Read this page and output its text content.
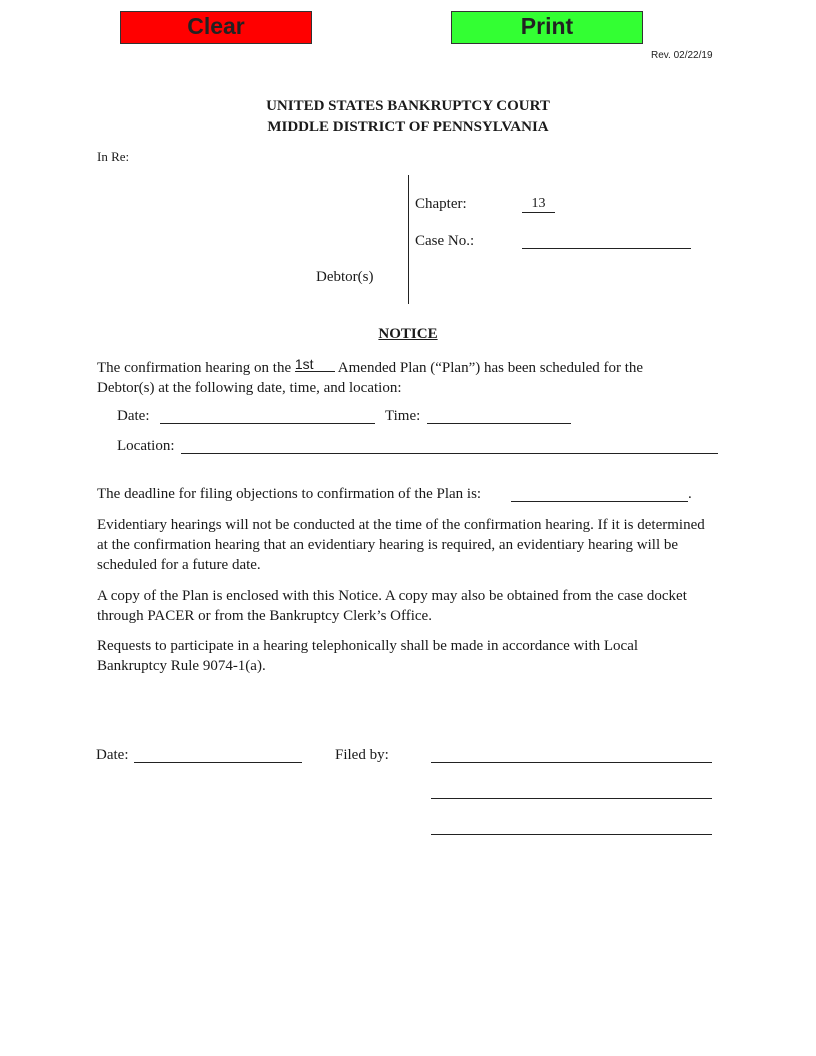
Clear	Print
Rev. 02/22/19
UNITED STATES BANKRUPTCY COURT
MIDDLE DISTRICT OF PENNSYLVANIA
In Re:
Chapter:	13
Case No.:
Debtor(s)
NOTICE
The confirmation hearing on the 1st Amended Plan (“Plan”) has been scheduled for the
Debtor(s) at the following date, time, and location:
Date:	Time:
Location:
The deadline for filing objections to confirmation of the Plan is:	.
Evidentiary hearings will not be conducted at the time of the confirmation hearing. If it is determined at the confirmation hearing that an evidentiary hearing is required, an evidentiary hearing will be scheduled for a future date.
A copy of the Plan is enclosed with this Notice. A copy may also be obtained from the case docket through PACER or from the Bankruptcy Clerk’s Office.
Requests to participate in a hearing telephonically shall be made in accordance with Local Bankruptcy Rule 9074-1(a).
Date:	Filed by:
